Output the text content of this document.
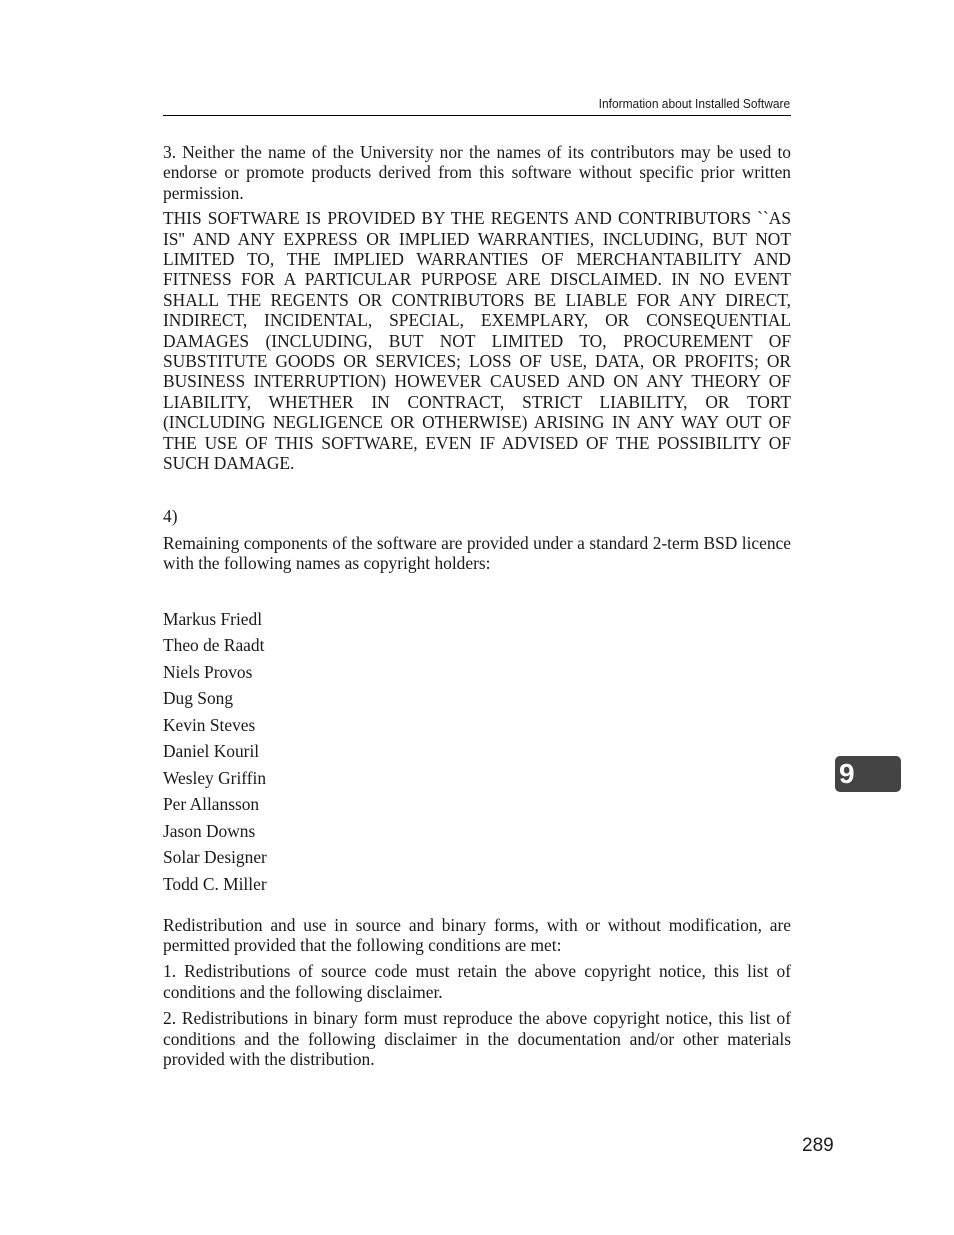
Information about Installed Software

3. Neither the name of the University nor the names of its contributors may be used to endorse or promote products derived from this software without specific prior written permission.

THIS SOFTWARE IS PROVIDED BY THE REGENTS AND CONTRIBUTORS ``AS IS'' AND ANY EXPRESS OR IMPLIED WARRANTIES, INCLUDING, BUT NOT LIMITED TO, THE IMPLIED WARRANTIES OF MERCHANTABILITY AND FITNESS FOR A PARTICULAR PURPOSE ARE DISCLAIMED. IN NO EVENT SHALL THE REGENTS OR CONTRIBUTORS BE LIABLE FOR ANY DIRECT, INDIRECT, INCIDENTAL, SPECIAL, EXEMPLARY, OR CONSEQUENTIAL DAMAGES (INCLUDING, BUT NOT LIMITED TO, PROCUREMENT OF SUBSTITUTE GOODS OR SERVICES; LOSS OF USE, DATA, OR PROFITS; OR BUSINESS INTERRUPTION) HOWEVER CAUSED AND ON ANY THEORY OF LIABILITY, WHETHER IN CONTRACT, STRICT LIABILITY, OR TORT (INCLUDING NEGLIGENCE OR OTHERWISE) ARISING IN ANY WAY OUT OF THE USE OF THIS SOFTWARE, EVEN IF ADVISED OF THE POSSIBILITY OF SUCH DAMAGE.

4)

Remaining components of the software are provided under a standard 2-term BSD licence with the following names as copyright holders:

Markus Friedl
Theo de Raadt
Niels Provos
Dug Song
Kevin Steves
Daniel Kouril
Wesley Griffin
Per Allansson
Jason Downs
Solar Designer
Todd C. Miller

Redistribution and use in source and binary forms, with or without modification, are permitted provided that the following conditions are met:

1. Redistributions of source code must retain the above copyright notice, this list of conditions and the following disclaimer.

2. Redistributions in binary form must reproduce the above copyright notice, this list of conditions and the following disclaimer in the documentation and/or other materials provided with the distribution.

9
289
